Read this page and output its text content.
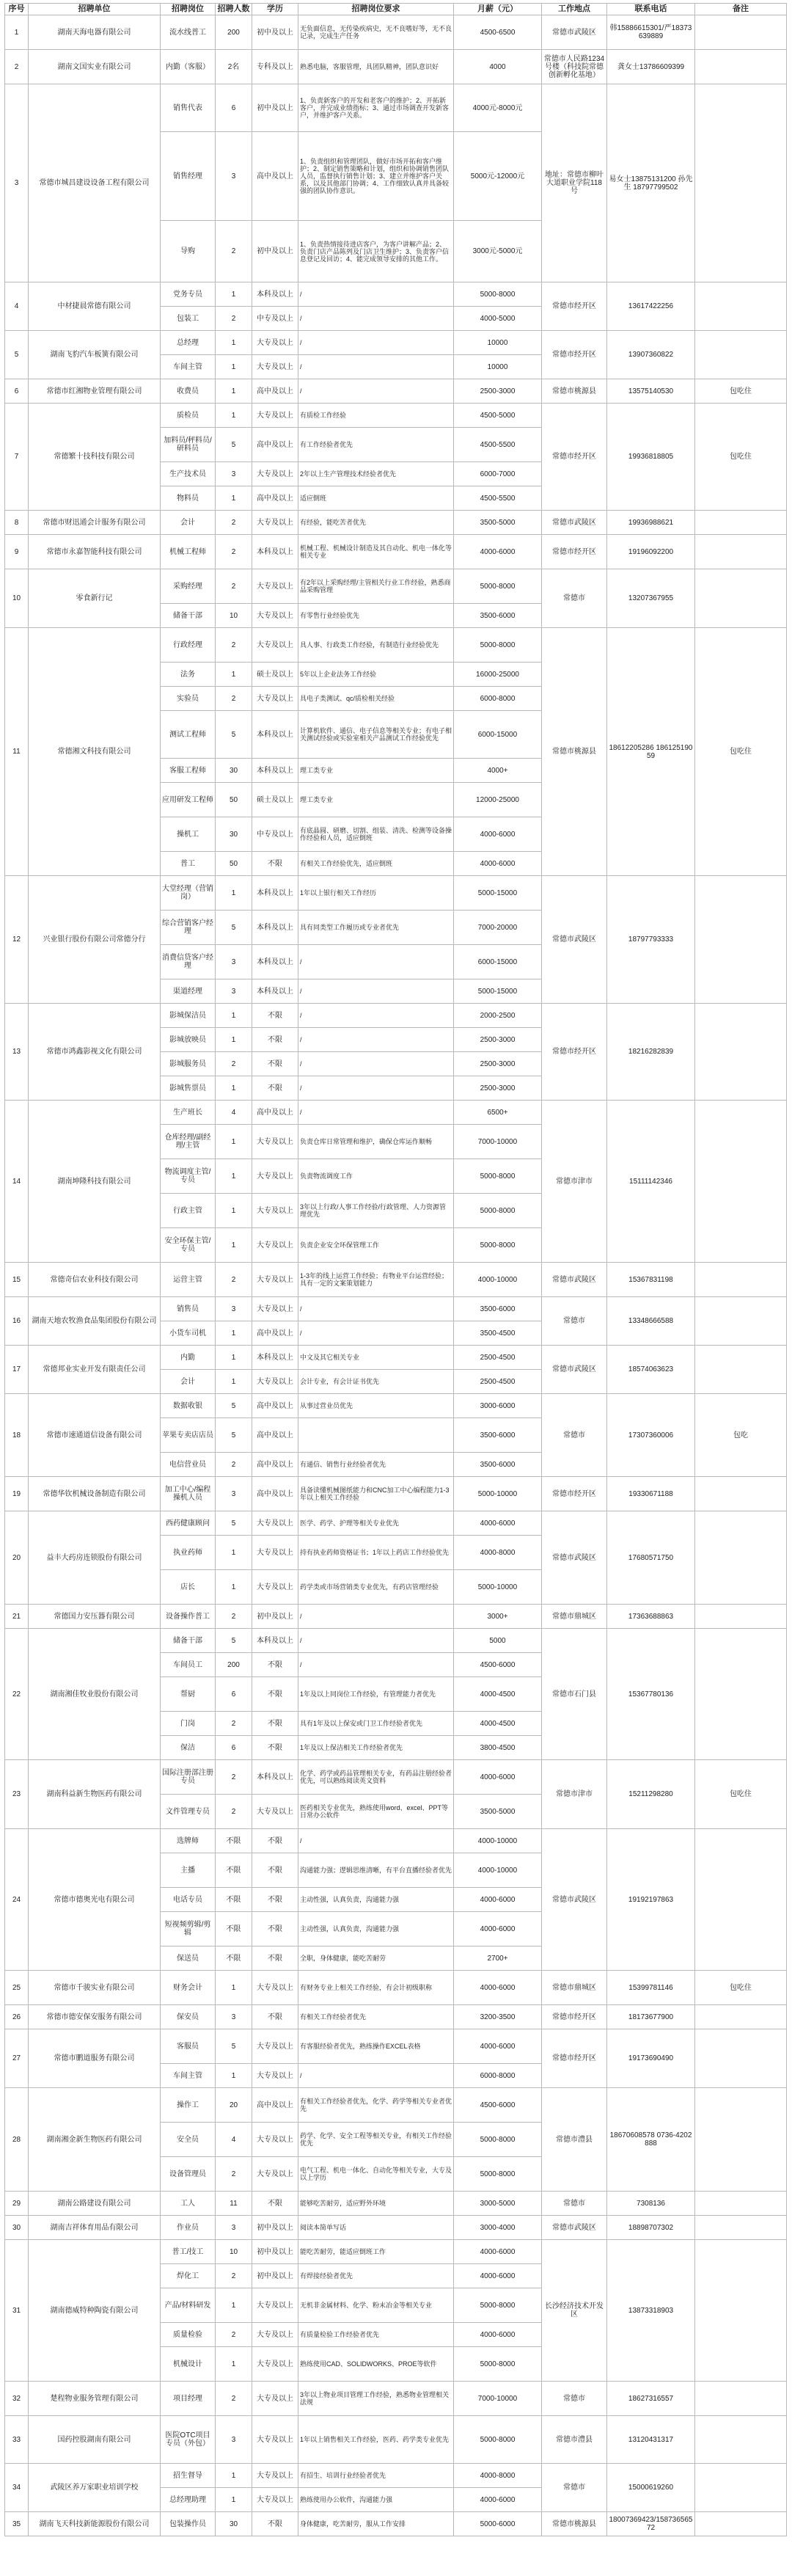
序号	招聘单位	招聘岗位	招聘人数	学历	招聘岗位要求	月薪（元）	工作地点	联系电话	备注
1	湖南天海电器有限公司	流水线普工	200	初中及以上	无负面信息，无传染疾病史，无不良嗜好等，无不良记录，完成生产任务	4500-6500	常德市武陵区	韩15886615301/严18373639889	
2	湖南文国实业有限公司	内勤（客服）	2名	专科及以上	熟悉电脑，客服管理，具团队精神，团队意识好	4000	常德市人民路1234号楼（科技院常德创新孵化基地）	龚女士13786609399	
3	常德市城昌建设设备工程有限公司	销售代表	6	初中及以上	1、负责新客户的开发和老客户的维护；2、开拓新客户，并完成业绩指标；3、通过市场调查开发新客户，并维护客户关系。	4000元-8000元	地址：常德市柳叶大道职业学院118号	易女士13875131200 孙先生 18797799502	
		销售经理	3	高中及以上	1、负责组织和管理团队，做好市场开拓和客户维护；2、制定销售策略和计划，组织和协调销售团队人员，监督执行销售计划；3、建立并维护客户关系，以及其他部门协调；4、工作细致认真并具备较强的团队协作意识。	5000元-12000元			
		导购	2	初中及以上	1、负责热情接待进店客户，为客户讲解产品；2、负责门店产品陈列及门店卫生维护；3、负责客户信息登记及回访；4、能完成领导安排的其他工作。	3000元-5000元			
4	中材捷晨常德有限公司	党务专员	1	本科及以上	/	5000-8000	常德市经开区	13617422256	
		包装工	2	中专及以上	/	4000-5000			
5	湖南飞豹汽车板簧有限公司	总经理	1	大专及以上	/	10000	常德市经开区	13907360822	
		车间主管	1	大专及以上	/	10000			
6	常德市红湘物业管理有限公司	收费员	1	高中及以上	/	2500-3000	常德市桃源县	13575140530	包吃住
7	常德繁十技科技有限公司	质检员	1	大专及以上	有质检工作经验	4500-5000	常德市经开区	19936818805	包吃住
		加料员/秤料员/研料员	5	高中及以上	有工作经验者优先	4500-5500			
		生产技术员	3	大专及以上	2年以上生产管理技术经验者优先	6000-7000			
		物料员	1	高中及以上	适应倒班	4500-5500			
8	常德市财迅通会计服务有限公司	会计	2	大专及以上	有经验，能吃苦者优先	3500-5000	常德市武陵区	19936988621	
9	常德市永嘉智能科技有限公司	机械工程师	2	本科及以上	机械工程、机械设计制造及其自动化、机电一体化等相关专业	4000-6000	常德市经开区	19196092200	
10	零食新行记	采购经理	2	大专及以上	有2年以上采购经理/主管相关行业工作经验，熟悉商品采购管理	5000-8000	常德市	13207367955	
		储备干部	10	大专及以上	有零售行业经验优先	3500-6000			
11	常德湘文科技有限公司	行政经理	2	大专及以上	具人事、行政类工作经验，有制造行业经验优先	5000-8000	常德市桃源县	18612205286 18612519059	包吃住
		法务	1	硕士及以上	5年以上企业法务工作经验	16000-25000			
		实验员	2	大专及以上	具电子类测试、qc/质检相关经验	6000-8000			
		测试工程师	5	本科及以上	计算机软件、通信、电子信息等相关专业；有电子相关测试经验或实验室相关产品测试工作经验优先	6000-15000			
		客服工程师	30	本科及以上	理工类专业	4000+			
		应用研发工程师	50	硕士及以上	理工类专业	12000-25000			
		操机工	30	中专及以上	有底晶圆、研磨、切割、组装、清洗、检测等设备操作经验和人员，适应倒班	4000-6000			
		普工	50	不限	有相关工作经验优先，适应倒班	4000-6000			
12	兴业银行股份有限公司常德分行	大堂经理（营销岗）	1	本科及以上	1年以上银行相关工作经历	5000-15000	常德市武陵区	18797793333	
		综合营销客户经理	5	本科及以上	具有同类型工作履历或专业者优先	7000-20000			
		消费信贷客户经理	3	本科及以上	/	6000-15000			
		渠道经理	3	本科及以上	/	5000-15000			
13	常德市鸿鑫影视文化有限公司	影城保洁员	1	不限	/	2000-2500	常德市经开区	18216282839	
		影城放映员	1	不限	/	2500-3000			
		影城服务员	2	不限	/	2500-3000			
		影城售票员	1	不限	/	2500-3000			
14	湖南坤隆科技有限公司	生产班长	4	高中及以上	/	6500+	常德市津市	15111142346	
		仓库经理/副经理/主管	1	大专及以上	负责仓库日常管理和维护，确保仓库运作顺畅	7000-10000			
		物流调度主管/专员	1	大专及以上	负责物流调度工作	5000-8000			
		行政主管	1	大专及以上	3年以上行政/人事工作经验/行政管理、人力资源管理优先	5000-8000			
		安全环保主管/专员	1	大专及以上	负责企业安全环保管理工作	5000-8000			
15	常德奇信农业科技有限公司	运营主管	2	大专及以上	1-3年的线上运营工作经验；有物业平台运营经验；具有一定的文案策划能力	4000-10000	常德市武陵区	15367831198	
16	湖南天地农牧渔食品集团股份有限公司	销售员	3	大专及以上	/	3500-6000	常德市	13348666588	
		小货车司机	1	高中及以上	/	3500-4500			
17	常德邦业实业开发有限责任公司	内勤	1	本科及以上	中文及其它相关专业	2500-4500	常德市武陵区	18574063623	
		会计	1	大专及以上	会计专业，有会计证书优先	2500-4500			
18	常德市速通道信设备有限公司	数据收银	5	高中及以上	从事过营业员优先	3000-6000	常德市	17307360006	包吃
		苹果专卖店店员	5	高中及以上		3500-6000			
		电信营业员	2	高中及以上	有通信、销售行业经验者优先	3500-6000			
19	常德华钦机械设备制造有限公司	加工中心/编程操机人员	3	高中及以上	具备读懂机械图纸能力和CNC加工中心编程能力1-3年以上相关工作经验	5000-10000	常德市经开区	19330671188	
20	益丰大药房连锁股份有限公司	西药健康顾问	5	大专及以上	医学、药学、护理等相关专业优先	4000-6000	常德市武陵区	17680571750	
		执业药师	1	大专及以上	持有执业药师资格证书；1年以上药店工作经验优先	4000-8000			
		店长	1	大专及以上	药学类或市场营销类专业优先，有药店管理经验	5000-10000			
21	常德国力安压器有限公司	设备操作普工	2	初中及以上	/	3000+	常德市鼎城区	17363688863	
22	湖南湘佳牧业股份有限公司	储备干部	5	本科及以上	/	5000	常德市石门县	15367780136	
		车间员工	200	不限	/	4500-6000			
		帮厨	6	不限	1年及以上同岗位工作经验，有管理能力者优先	4000-4500			
		门岗	2	不限	具有1年及以上保安或门卫工作经验者优先	4000-4500			
		保洁	6	不限	1年及以上保洁相关工作经验者优先	3800-4500			
23	湖南科益新生物医药有限公司	国际注册部注册专员	2	本科及以上	化学、药学或药品管理相关专业，有药品注册经验者优先，可以熟练阅读英文资料	4000-6000	常德市津市	15211298280	包吃住
		文件管理专员	2	大专及以上	医药相关专业优先，熟练使用word、excel、PPT等日常办公软件	3500-5000			
24	常德市德奥光电有限公司	选牌师	不限	不限	/	4000-10000	常德市武陵区	19192197863	
		主播	不限	不限	沟通能力强；逻辑思维清晰，有平台直播经验者优先	4000-10000			
		电话专员	不限	不限	主动性强，认真负责，沟通能力强	4000-6000			
		短视频剪辑/剪辑	不限	不限	主动性强，认真负责，沟通能力强	4000-6000			
		保送员	不限	不限	全职，身体健康，能吃苦耐劳	2700+			
25	常德市千骏实业有限公司	财务会计	1	大专及以上	有财务专业上相关工作经验，有会计初级职称	4000-6000	常德市鼎城区	15399781146	包吃住
26	常德市德安保安服务有限公司	保安员	3	不限	有相关工作经验者优先	3200-3500	常德市经开区	18173677900	
27	常德市鹏道服务有限公司	客服员	5	大专及以上	有客服经验者优先，熟练操作EXCEL表格	4000-6000	常德市经开区	19173690490	
		车间主管	1	大专及以上	/	6000-8000			
28	湖南湘金新生物医药有限公司	操作工	20	高中及以上	有相关工作经验者优先，化学、药学等相关专业者优先	4500-6000	常德市澧县	18670608578 0736-4202888	
		安全员	4	大专及以上	药学、化学、安全工程等相关专业，有相关工作经验优先	5000-8000			
		设备管理员	2	大专及以上	电气工程、机电一体化、自动化等相关专业，大专及以上学历	5000-8000			
29	湖南公路建设有限公司	工人	11	不限	能够吃苦耐劳，适应野外环境	3000-5000	常德市	7308136	
30	湖南吉祥体育用品有限公司	作业员	3	初中及以上	阅读本简单写话	3000-4000	常德市武陵区	18898707302	
31	湖南德威特种陶瓷有限公司	普工/技工	10	初中及以上	能吃苦耐劳，能适应倒班工作	4000-6000	长沙经济技术开发区	13873318903	
		焊化工	2	初中及以上	有焊接经验者优先	4000-6000			
		产品/材料研发	1	大专及以上	无机非金属材料、化学、粉末冶金等相关专业	5000-8000			
		质量检验	2	大专及以上	有质量检验工作经验者优先	4000-6000			
		机械设计	1	大专及以上	熟练使用CAD、SOLIDWORKS、PROE等软件	5000-8000			
32	楚程物业服务管理有限公司	项目经理	2	大专及以上	3年以上物业项目管理工作经验，熟悉物业管理相关法规	7000-10000	常德市	18627316557	
33	国药控股湖南有限公司	医院OTC项目专员（外包）	3	大专及以上	1年以上销售相关工作经验，医药、药学类专业优先	5000-8000	常德市澧县	13120431317	
34	武陵区养万家职业培训学校	招生督导	1	大专及以上	有招生、培训行业经验者优先	4000-8000	常德市	15000619260	
		总经理助理	1	大专及以上	熟练使用办公软件，沟通能力强	4000-6000			
35	湖南飞天科技新能源股份有限公司	包装操作员	30	不限	身体健康，吃苦耐劳，服从工作安排	5000-6000	常德市桃源县	18007369423/15873656572	
